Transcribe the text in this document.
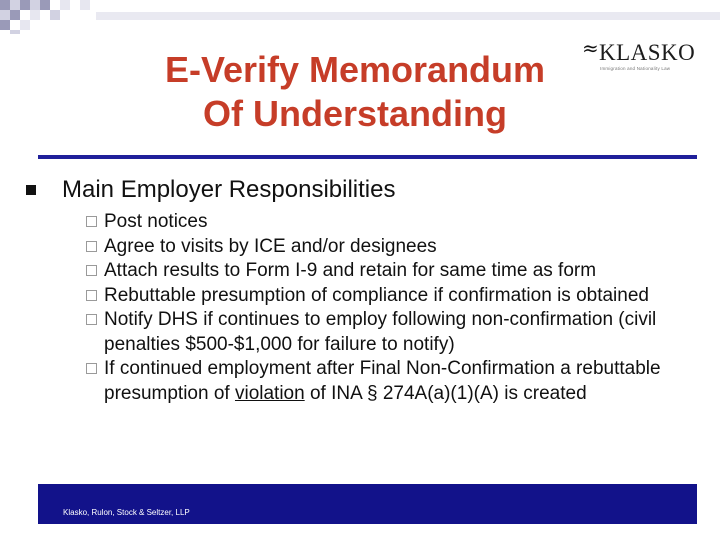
≈ KLASKO
Immigration and Nationality Law
E-Verify Memorandum
Of Understanding
Main Employer Responsibilities
Post notices
Agree to visits by ICE and/or designees
Attach results to Form I-9 and retain for same time as form
Rebuttable presumption of compliance if confirmation is obtained
Notify DHS if continues to employ following non-confirmation (civil penalties $500-$1,000 for failure to notify)
If continued employment after Final Non-Confirmation a rebuttable presumption of violation of INA § 274A(a)(1)(A) is created
Klasko, Rulon, Stock & Seltzer, LLP
